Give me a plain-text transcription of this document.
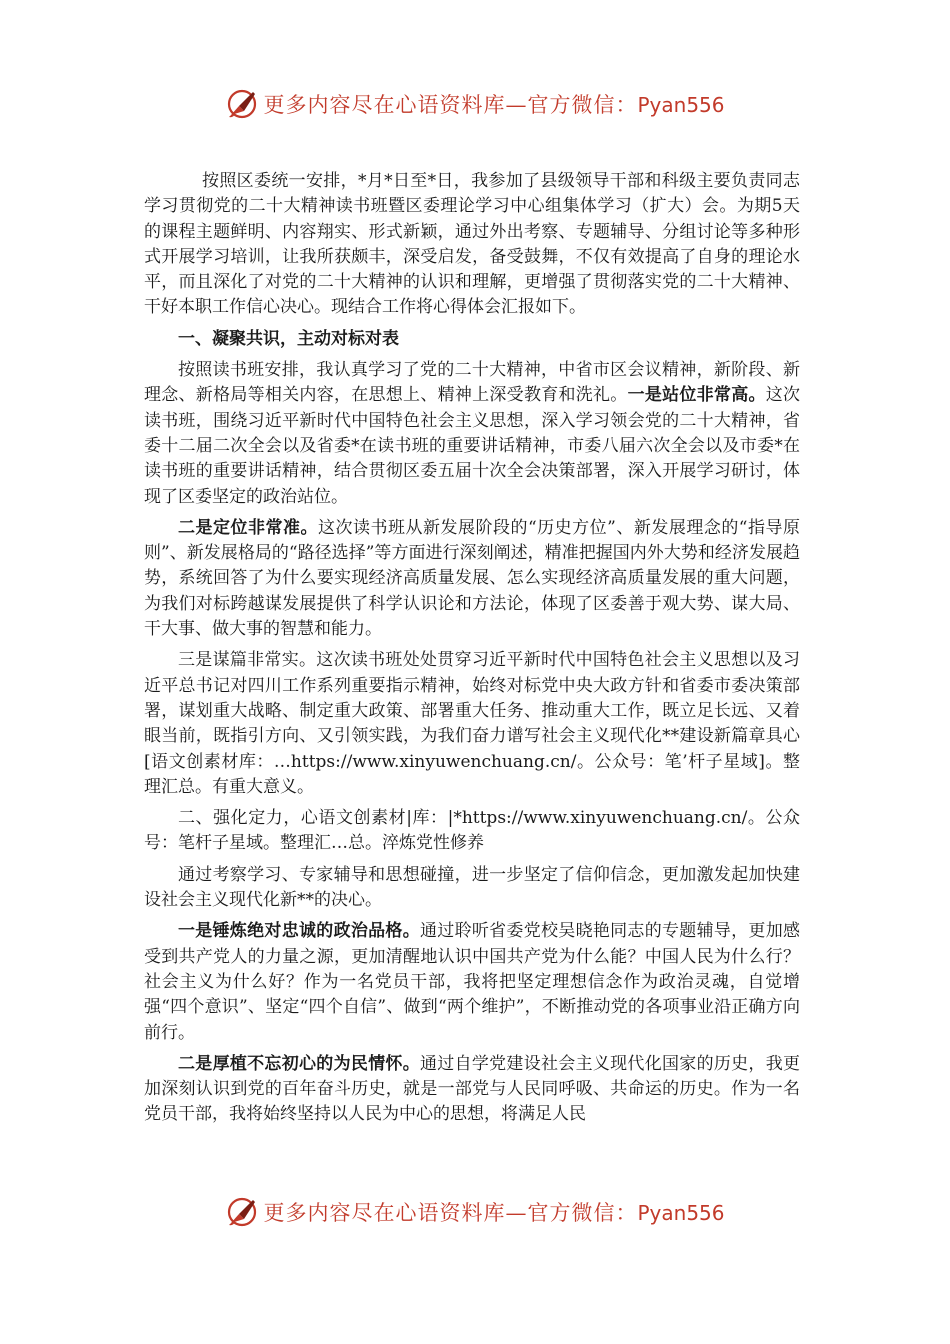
更多内容尽在心语资料库—官方微信：Pyan556

按照区委统一安排，*月*日至*日，我参加了县级领导干部和科级主要负责同志学习贯彻党的二十大精神读书班暨区委理论学习中心组集体学习（扩大）会。为期5天的课程主题鲜明、内容翔实、形式新颖，通过外出考察、专题辅导、分组讨论等多种形式开展学习培训，让我所获颇丰，深受启发，备受鼓舞，不仅有效提高了自身的理论水平，而且深化了对党的二十大精神的认识和理解，更增强了贯彻落实党的二十大精神、干好本职工作信心决心。现结合工作将心得体会汇报如下。

一、凝聚共识，主动对标对表

按照读书班安排，我认真学习了党的二十大精神，中省市区会议精神，新阶段、新理念、新格局等相关内容，在思想上、精神上深受教育和洗礼。一是站位非常高。这次读书班，围绕习近平新时代中国特色社会主义思想，深入学习领会党的二十大精神，省委十二届二次全会以及省委*在读书班的重要讲话精神，市委八届六次全会以及市委*在读书班的重要讲话精神，结合贯彻区委五届十次全会决策部署，深入开展学习研讨，体现了区委坚定的政治站位。

二是定位非常准。这次读书班从新发展阶段的“历史方位”、新发展理念的“指导原则”、新发展格局的“路径选择”等方面进行深刻阐述，精准把握国内外大势和经济发展趋势，系统回答了为什么要实现经济高质量发展、怎么实现经济高质量发展的重大问题，为我们对标跨越谋发展提供了科学认识论和方法论，体现了区委善于观大势、谋大局、干大事、做大事的智慧和能力。

三是谋篇非常实。这次读书班处处贯穿习近平新时代中国特色社会主义思想以及习近平总书记对四川工作系列重要指示精神，始终对标党中央大政方针和省委市委决策部署，谋划重大战略、制定重大政策、部署重大任务、推动重大工作，既立足长远、又着眼当前，既指引方向、又引领实践，为我们奋力谱写社会主义现代化**建设新篇章具心[语文创素材库：…https://www.xinyuwenchuang.cn/。公众号：笔’杆子星域]。整理汇总。有重大意义。

二、强化定力，心语文创素材|库：|*https://www.xinyuwenchuang.cn/。公众号：笔杆子星域。整理汇…总。淬炼党性修养

通过考察学习、专家辅导和思想碰撞，进一步坚定了信仰信念，更加激发起加快建设社会主义现代化新**的决心。

一是锤炼绝对忠诚的政治品格。通过聆听省委党校吴晓艳同志的专题辅导，更加感受到共产党人的力量之源，更加清醒地认识中国共产党为什么能？中国人民为什么行？社会主义为什么好？作为一名党员干部，我将把坚定理想信念作为政治灵魂，自觉增强“四个意识”、坚定“四个自信”、做到“两个维护”，不断推动党的各项事业沿正确方向前行。

二是厚植不忘初心的为民情怀。通过自学党建设社会主义现代化国家的历史，我更加深刻认识到党的百年奋斗历史，就是一部党与人民同呼吸、共命运的历史。作为一名党员干部，我将始终坚持以人民为中心的思想，将满足人民

更多内容尽在心语资料库—官方微信：Pyan556
